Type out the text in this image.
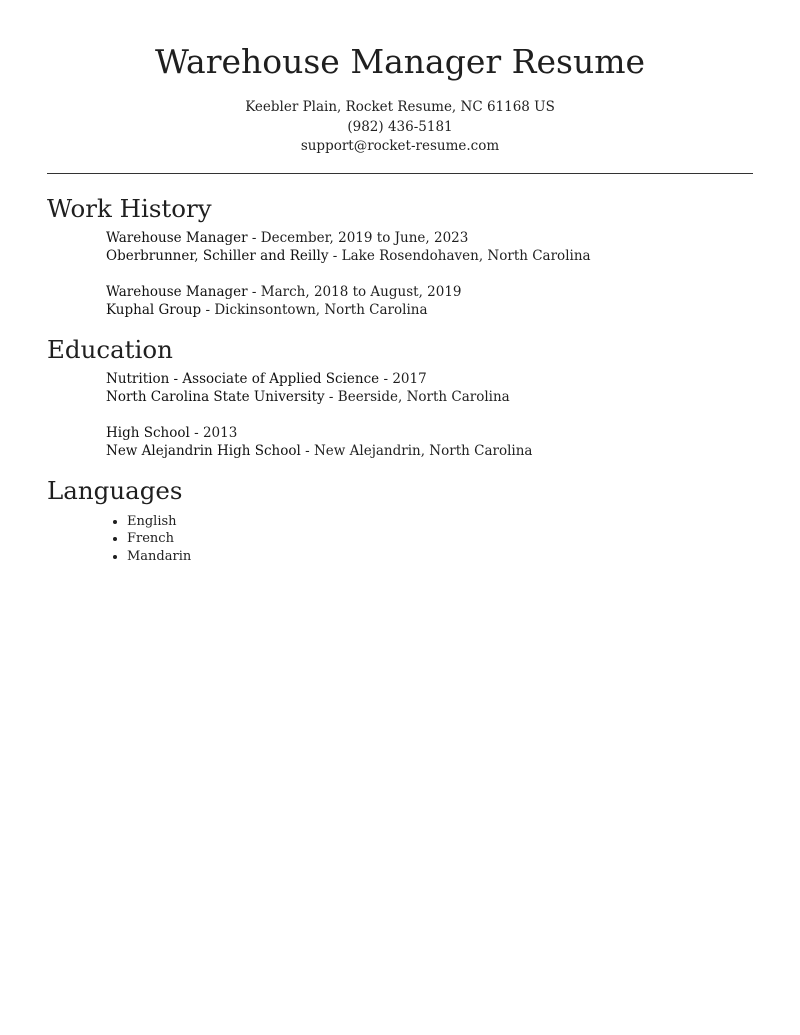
Warehouse Manager Resume
Keebler Plain, Rocket Resume, NC 61168 US
(982) 436-5181
support@rocket-resume.com
Work History
Warehouse Manager - December, 2019 to June, 2023
Oberbrunner, Schiller and Reilly - Lake Rosendohaven, North Carolina
Warehouse Manager - March, 2018 to August, 2019
Kuphal Group - Dickinsontown, North Carolina
Education
Nutrition - Associate of Applied Science - 2017
North Carolina State University - Beerside, North Carolina
High School - 2013
New Alejandrin High School - New Alejandrin, North Carolina
Languages
• English
• French
• Mandarin
